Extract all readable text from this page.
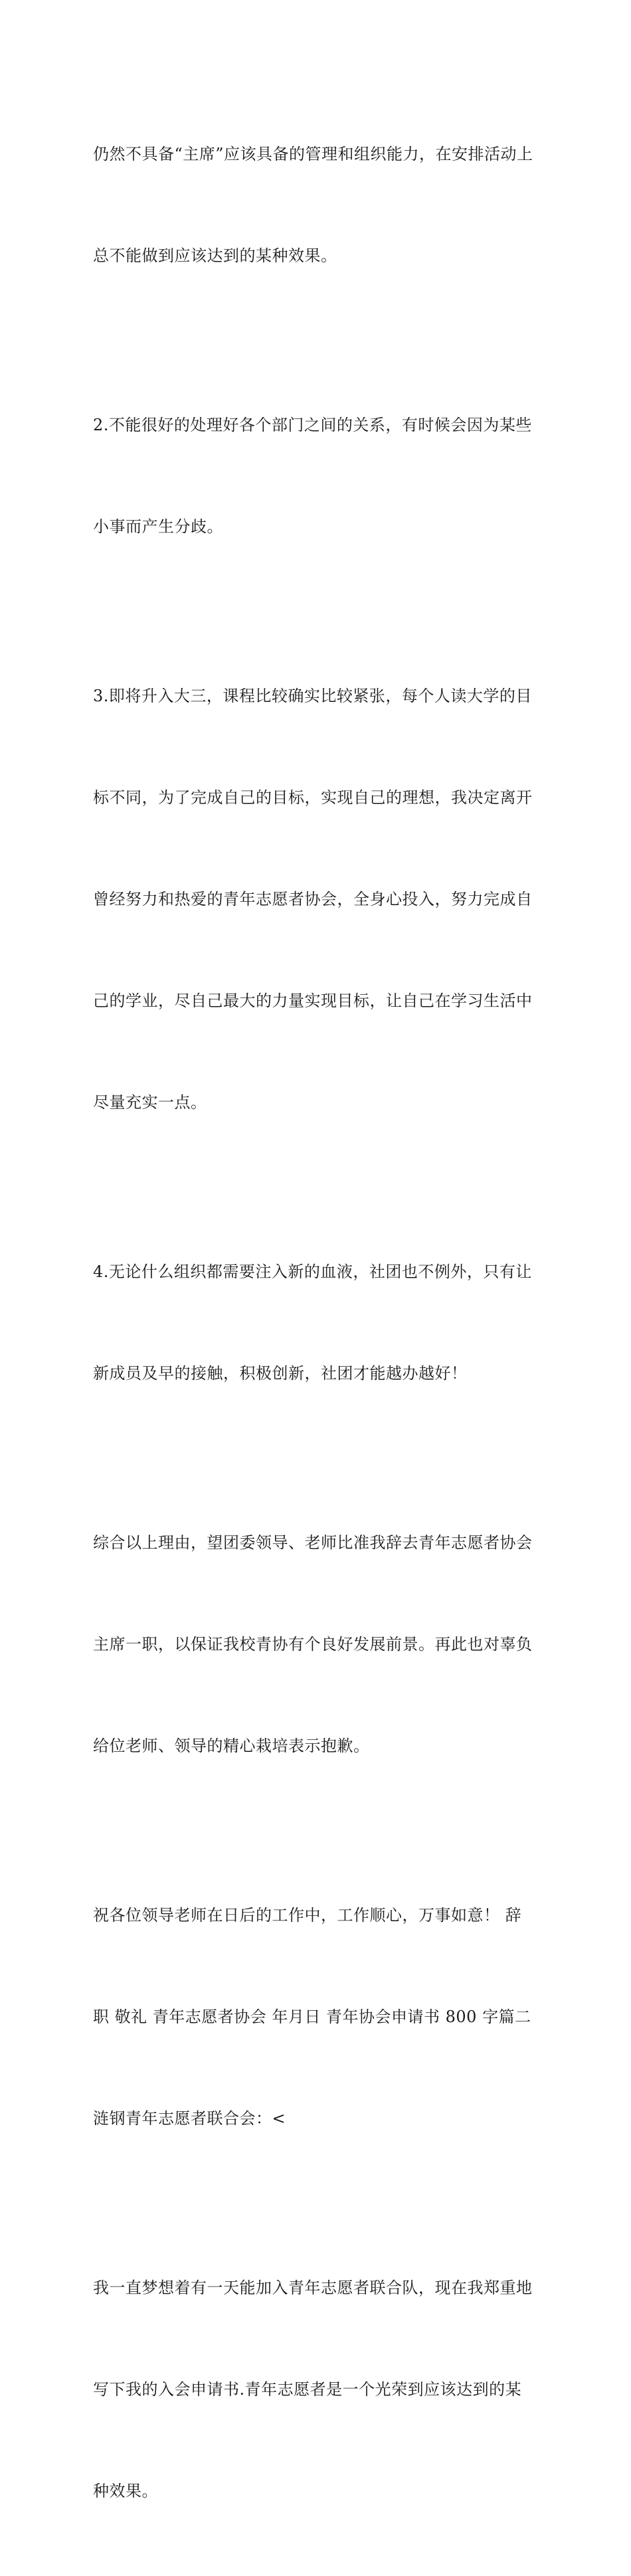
仍然不具备“主席”应该具备的管理和组织能力，在安排活动上

总不能做到应该达到的某种效果。

2.不能很好的处理好各个部门之间的关系，有时候会因为某些

小事而产生分歧。

3.即将升入大三，课程比较确实比较紧张，每个人读大学的目

标不同，为了完成自己的目标，实现自己的理想，我决定离开

曾经努力和热爱的青年志愿者协会，全身心投入，努力完成自

己的学业，尽自己最大的力量实现目标，让自己在学习生活中

尽量充实一点。

4.无论什么组织都需要注入新的血液，社团也不例外，只有让

新成员及早的接触，积极创新，社团才能越办越好！

综合以上理由，望团委领导、老师比准我辞去青年志愿者协会

主席一职，以保证我校青协有个良好发展前景。再此也对辜负

给位老师、领导的精心栽培表示抱歉。

祝各位领导老师在日后的工作中，工作顺心，万事如意！ 辞

职 敬礼 青年志愿者协会 年月日 青年协会申请书 800 字篇二

涟钢青年志愿者联合会：<

我一直梦想着有一天能加入青年志愿者联合队，现在我郑重地

写下我的入会申请书.青年志愿者是一个光荣到应该达到的某

种效果。
